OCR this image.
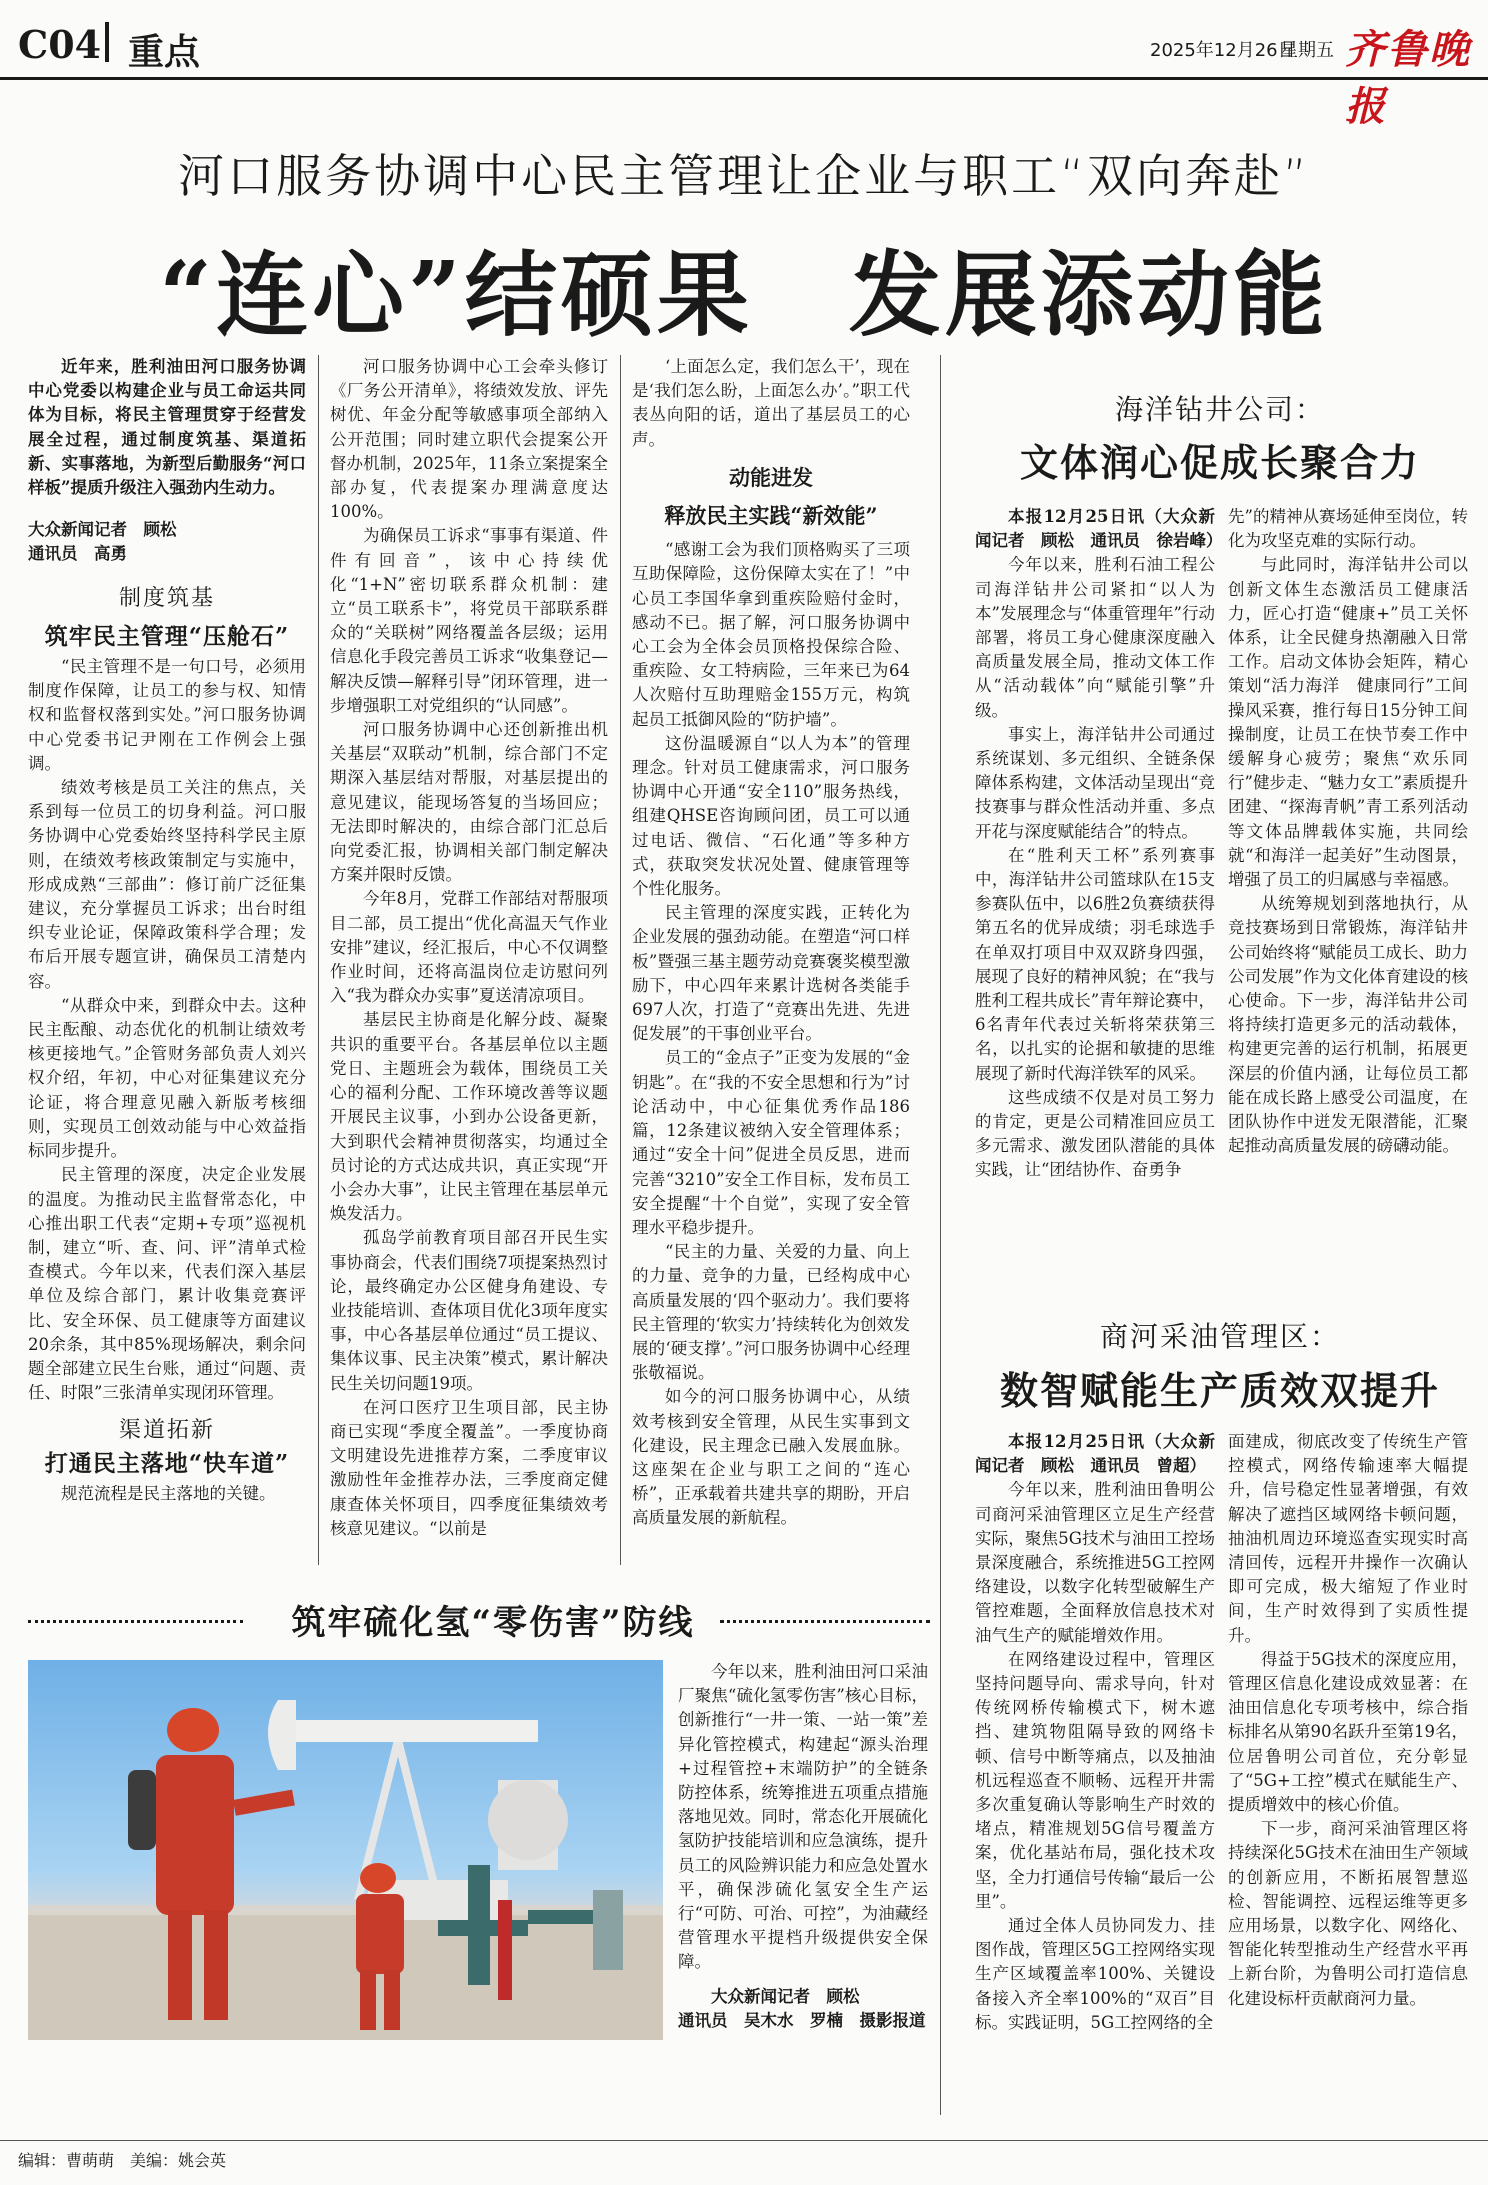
C04 重点	2025年12月26日
星期五 齐鲁晚报
河口服务协调中心民主管理让企业与职工“双向奔赴”
“连心”结硕果　发展添动能

近年来，胜利油田河口服务协调中心党委以构建企业与员工命运共同体为目标，将民主管理贯穿于经营发展全过程，通过制度筑基、渠道拓新、实事落地，为新型后勤服务“河口样板”提质升级注入强劲内生动力。

大众新闻记者　顾松
通讯员　高勇
制度筑基
筑牢民主管理“压舱石”

“民主管理不是一句口号，必须用制度作保障，让员工的参与权、知情权和监督权落到实处。”河口服务协调中心党委书记尹刚在工作例会上强调。

绩效考核是员工关注的焦点，关系到每一位员工的切身利益。河口服务协调中心党委始终坚持科学民主原则，在绩效考核政策制定与实施中，形成成熟“三部曲”：修订前广泛征集建议，充分掌握员工诉求；出台时组织专业论证，保障政策科学合理；发布后开展专题宣讲，确保员工清楚内容。

“从群众中来，到群众中去。这种民主酝酿、动态优化的机制让绩效考核更接地气。”企管财务部负责人刘兴权介绍，年初，中心对征集建议充分论证，将合理意见融入新版考核细则，实现员工创效动能与中心效益指标同步提升。

民主管理的深度，决定企业发展的温度。为推动民主监督常态化，中心推出职工代表“定期+专项”巡视机制，建立“听、查、问、评”清单式检查模式。今年以来，代表们深入基层单位及综合部门，累计收集竞赛评比、安全环保、员工健康等方面建议20余条，其中85%现场解决，剩余问题全部建立民生台账，通过“问题、责任、时限”三张清单实现闭环管理。

渠道拓新
打通民主落地“快车道”

规范流程是民主落地的关键。

河口服务协调中心工会牵头修订《厂务公开清单》，将绩效发放、评先树优、年金分配等敏感事项全部纳入公开范围；同时建立职代会提案公开督办机制，2025年，11条立案提案全部办复，代表提案办理满意度达100%。

为确保员工诉求“事事有渠道、件件有回音”，该中心持续优化“1+N”密切联系群众机制：建立“员工联系卡”，将党员干部联系群众的“关联树”网络覆盖各层级；运用信息化手段完善员工诉求“收集登记—解决反馈—解释引导”闭环管理，进一步增强职工对党组织的“认同感”。

河口服务协调中心还创新推出机关基层“双联动”机制，综合部门不定期深入基层结对帮服，对基层提出的意见建议，能现场答复的当场回应；无法即时解决的，由综合部门汇总后向党委汇报，协调相关部门制定解决方案并限时反馈。

今年8月，党群工作部结对帮服项目二部，员工提出“优化高温天气作业安排”建议，经汇报后，中心不仅调整作业时间，还将高温岗位走访慰问列入“我为群众办实事”夏送清凉项目。

基层民主协商是化解分歧、凝聚共识的重要平台。各基层单位以主题党日、主题班会为载体，围绕员工关心的福利分配、工作环境改善等议题开展民主议事，小到办公设备更新，大到职代会精神贯彻落实，均通过全员讨论的方式达成共识，真正实现“开小会办大事”，让民主管理在基层单元焕发活力。

孤岛学前教育项目部召开民生实事协商会，代表们围绕7项提案热烈讨论，最终确定办公区健身角建设、专业技能培训、查体项目优化3项年度实事，中心各基层单位通过“员工提议、集体议事、民主决策”模式，累计解决民生关切问题19项。

在河口医疗卫生项目部，民主协商已实现“季度全覆盖”。一季度协商文明建设先进推荐方案，二季度审议激励性年金推荐办法，三季度商定健康查体关怀项目，四季度征集绩效考核意见建议。“以前是

‘上面怎么定，我们怎么干’，现在是‘我们怎么盼，上面怎么办’。”职工代表丛向阳的话，道出了基层员工的心声。

动能进发
释放民主实践“新效能”

“感谢工会为我们顶格购买了三项互助保障险，这份保障太实在了！”中心员工李国华拿到重疾险赔付金时，感动不已。据了解，河口服务协调中心工会为全体会员顶格投保综合险、重疾险、女工特病险，三年来已为64人次赔付互助理赔金155万元，构筑起员工抵御风险的“防护墙”。

这份温暖源自“以人为本”的管理理念。针对员工健康需求，河口服务协调中心开通“安全110”服务热线，组建QHSE咨询顾问团，员工可以通过电话、微信、“石化通”等多种方式，获取突发状况处置、健康管理等个性化服务。

民主管理的深度实践，正转化为企业发展的强劲动能。在塑造“河口样板”暨强三基主题劳动竞赛褒奖模型激励下，中心四年来累计选树各类能手697人次，打造了“竞赛出先进、先进促发展”的干事创业平台。

员工的“金点子”正变为发展的“金钥匙”。在“我的不安全思想和行为”讨论活动中，中心征集优秀作品186篇，12条建议被纳入安全管理体系；通过“安全十问”促进全员反思，进而完善“3210”安全工作目标，发布员工安全提醒“十个自觉”，实现了安全管理水平稳步提升。

“民主的力量、关爱的力量、向上的力量、竞争的力量，已经构成中心高质量发展的‘四个驱动力’。我们要将民主管理的‘软实力’持续转化为创效发展的‘硬支撑’。”河口服务协调中心经理张敬福说。

如今的河口服务协调中心，从绩效考核到安全管理，从民生实事到文化建设，民主理念已融入发展血脉。这座架在企业与职工之间的“连心桥”，正承载着共建共享的期盼，开启高质量发展的新航程。

海洋钻井公司：
文体润心促成长聚合力

本报12月25日讯（大众新闻记者　顾松　通讯员　徐岩峰）

今年以来，胜利石油工程公司海洋钻井公司紧扣“以人为本”发展理念与“体重管理年”行动部署，将员工身心健康深度融入高质量发展全局，推动文体工作从“活动载体”向“赋能引擎”升级。

事实上，海洋钻井公司通过系统谋划、多元组织、全链条保障体系构建，文体活动呈现出“竞技赛事与群众性活动并重、多点开花与深度赋能结合”的特点。

在“胜利天工杯”系列赛事中，海洋钻井公司篮球队在15支参赛队伍中，以6胜2负赛绩获得第五名的优异成绩；羽毛球选手在单双打项目中双双跻身四强，展现了良好的精神风貌；在“我与胜利工程共成长”青年辩论赛中，6名青年代表过关斩将荣获第三名，以扎实的论据和敏捷的思维展现了新时代海洋铁军的风采。

这些成绩不仅是对员工努力的肯定，更是公司精准回应员工多元需求、激发团队潜能的具体实践，让“团结协作、奋勇争

先”的精神从赛场延伸至岗位，转化为攻坚克难的实际行动。

与此同时，海洋钻井公司以创新文体生态激活员工健康活力，匠心打造“健康+”员工关怀体系，让全民健身热潮融入日常工作。启动文体协会矩阵，精心策划“活力海洋　健康同行”工间操风采赛，推行每日15分钟工间操制度，让员工在快节奏工作中缓解身心疲劳；聚焦“欢乐同行”健步走、“魅力女工”素质提升团建、“探海青帆”青工系列活动等文体品牌载体实施，共同绘就“和海洋一起美好”生动图景，增强了员工的归属感与幸福感。

从统筹规划到落地执行，从竞技赛场到日常锻炼，海洋钻井公司始终将“赋能员工成长、助力公司发展”作为文化体育建设的核心使命。下一步，海洋钻井公司将持续打造更多元的活动载体，构建更完善的运行机制，拓展更深层的价值内涵，让每位员工都能在成长路上感受公司温度，在团队协作中迸发无限潜能，汇聚起推动高质量发展的磅礴动能。

商河采油管理区：
数智赋能生产质效双提升

本报12月25日讯（大众新闻记者　顾松　通讯员　曾超）

今年以来，胜利油田鲁明公司商河采油管理区立足生产经营实际，聚焦5G技术与油田工控场景深度融合，系统推进5G工控网络建设，以数字化转型破解生产管控难题，全面释放信息技术对油气生产的赋能增效作用。

在网络建设过程中，管理区坚持问题导向、需求导向，针对传统网桥传输模式下，树木遮挡、建筑物阻隔导致的网络卡顿、信号中断等痛点，以及抽油机远程巡查不顺畅、远程开井需多次重复确认等影响生产时效的堵点，精准规划5G信号覆盖方案，优化基站布局，强化技术攻坚，全力打通信号传输“最后一公里”。

通过全体人员协同发力、挂图作战，管理区5G工控网络实现生产区域覆盖率100%、关键设备接入齐全率100%的“双百”目标。实践证明，5G工控网络的全

面建成，彻底改变了传统生产管控模式，网络传输速率大幅提升，信号稳定性显著增强，有效解决了遮挡区域网络卡顿问题，抽油机周边环境巡查实现实时高清回传，远程开井操作一次确认即可完成，极大缩短了作业时间，生产时效得到了实质性提升。

得益于5G技术的深度应用，管理区信息化建设成效显著：在油田信息化专项考核中，综合指标排名从第90名跃升至第19名，位居鲁明公司首位，充分彰显了“5G+工控”模式在赋能生产、提质增效中的核心价值。

下一步，商河采油管理区将持续深化5G技术在油田生产领域的创新应用，不断拓展智慧巡检、智能调控、远程运维等更多应用场景，以数字化、网络化、智能化转型推动生产经营水平再上新台阶，为鲁明公司打造信息化建设标杆贡献商河力量。

筑牢硫化氢“零伤害”防线

今年以来，胜利油田河口采油厂聚焦“硫化氢零伤害”核心目标，创新推行“一井一策、一站一策”差异化管控模式，构建起“源头治理+过程管控+末端防护”的全链条防控体系，统筹推进五项重点措施落地见效。同时，常态化开展硫化氢防护技能培训和应急演练，提升员工的风险辨识能力和应急处置水平，确保涉硫化氢安全生产运行“可防、可治、可控”，为油藏经营管理水平提档升级提供安全保障。

大众新闻记者　顾松
通讯员　吴木水　罗楠　摄影报道
编辑：曹萌萌　美编：姚会英
